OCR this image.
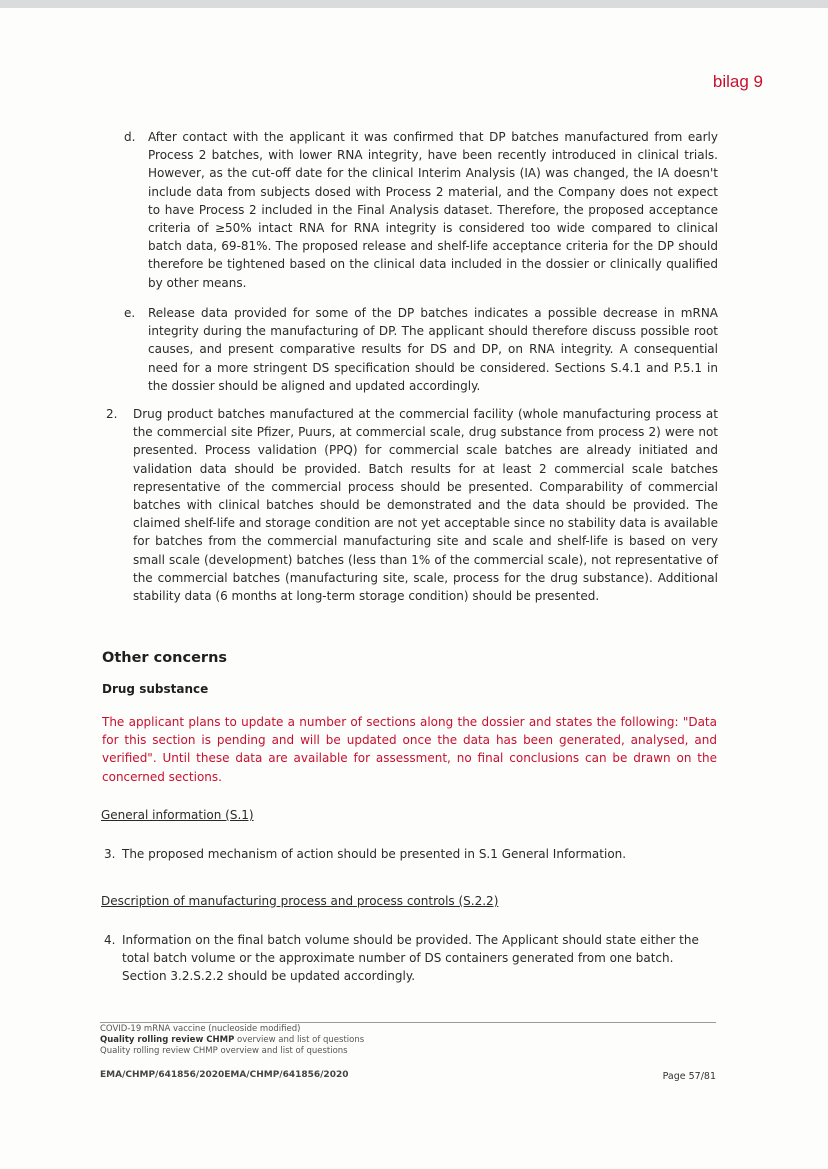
bilag 9
d. After contact with the applicant it was confirmed that DP batches manufactured from early Process 2 batches, with lower RNA integrity, have been recently introduced in clinical trials. However, as the cut-off date for the clinical Interim Analysis (IA) was changed, the IA doesn't include data from subjects dosed with Process 2 material, and the Company does not expect to have Process 2 included in the Final Analysis dataset. Therefore, the proposed acceptance criteria of ≥50% intact RNA for RNA integrity is considered too wide compared to clinical batch data, 69-81%. The proposed release and shelf-life acceptance criteria for the DP should therefore be tightened based on the clinical data included in the dossier or clinically qualified by other means.

e. Release data provided for some of the DP batches indicates a possible decrease in mRNA integrity during the manufacturing of DP. The applicant should therefore discuss possible root causes, and present comparative results for DS and DP, on RNA integrity. A consequential need for a more stringent DS specification should be considered. Sections S.4.1 and P.5.1 in the dossier should be aligned and updated accordingly.

2. Drug product batches manufactured at the commercial facility (whole manufacturing process at the commercial site Pfizer, Puurs, at commercial scale, drug substance from process 2) were not presented. Process validation (PPQ) for commercial scale batches are already initiated and validation data should be provided. Batch results for at least 2 commercial scale batches representative of the commercial process should be presented. Comparability of commercial batches with clinical batches should be demonstrated and the data should be provided. The claimed shelf-life and storage condition are not yet acceptable since no stability data is available for batches from the commercial manufacturing site and scale and shelf-life is based on very small scale (development) batches (less than 1% of the commercial scale), not representative of the commercial batches (manufacturing site, scale, process for the drug substance). Additional stability data (6 months at long-term storage condition) should be presented.

Other concerns
Drug substance

The applicant plans to update a number of sections along the dossier and states the following: "Data for this section is pending and will be updated once the data has been generated, analysed, and verified". Until these data are available for assessment, no final conclusions can be drawn on the concerned sections.

General information (S.1)
3. The proposed mechanism of action should be presented in S.1 General Information.

Description of manufacturing process and process controls (S.2.2)
4. Information on the final batch volume should be provided. The Applicant should state either the total batch volume or the approximate number of DS containers generated from one batch. Section 3.2.S.2.2 should be updated accordingly.

COVID-19 mRNA vaccine (nucleoside modified)
Quality rolling review CHMP overview and list of questions
Quality rolling review CHMP overview and list of questions
EMA/CHMP/641856/2020EMA/CHMP/641856/2020	Page 57/81
